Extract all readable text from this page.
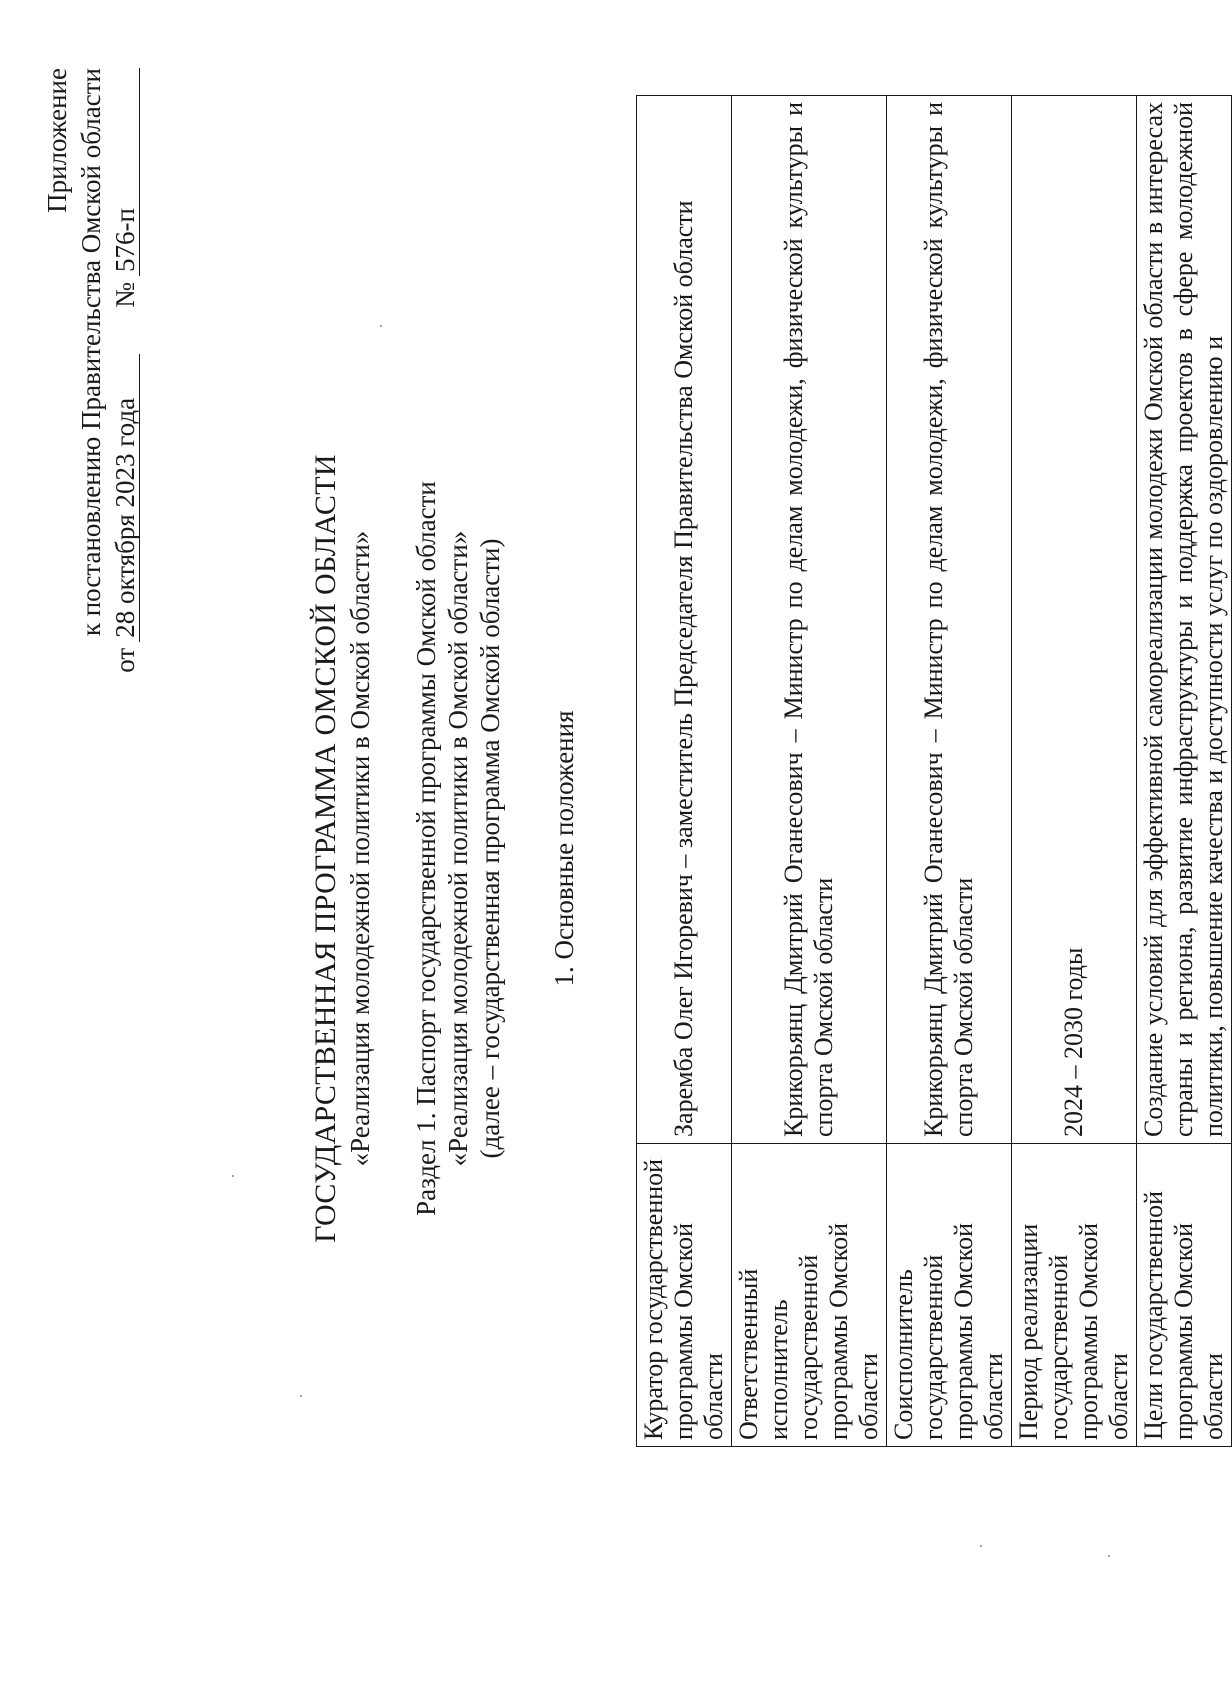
Приложение к постановлению Правительства Омской области
от
28 октября 2023 года
№
576-п
ГОСУДАРСТВЕННАЯ ПРОГРАММА ОМСКОЙ ОБЛАСТИ «Реализация молодежной политики в Омской области» Раздел 1. Паспорт государственной программы Омской области «Реализация молодежной политики в Омской области» (далее – государственная программа Омской области) 1. Основные положения
Куратор государственной программы Омской области	Заремба Олег Игоревич – заместитель Председателя Правительства Омской области
Ответственный исполнитель государственной программы Омской области	Крикорьянц Дмитрий Оганесович – Министр по делам молодежи, физической культуры и спорта Омской области
Соисполнитель государственной программы Омской области	Крикорьянц Дмитрий Оганесович – Министр по делам молодежи, физической культуры и спорта Омской области
Период реализации государственной программы Омской области	2024 – 2030 годы
Цели государственной программы Омской области	Создание условий для эффективной самореализации молодежи Омской области в интересах страны и региона, развитие инфраструктуры и поддержка проектов в сфере молодежной политики, повышение качества и доступности услуг по оздоровлению и
